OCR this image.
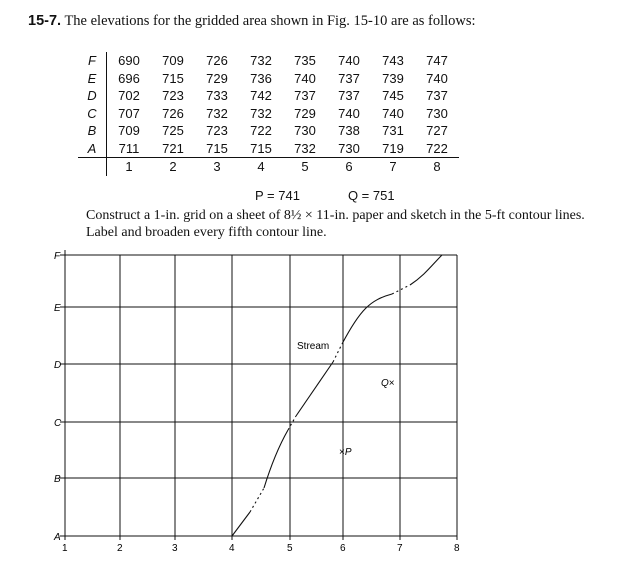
15-7. The elevations for the gridded area shown in Fig. 15-10 are as follows:
F	690	709	726	732	735	740	743	747
E	696	715	729	736	740	737	739	740
D	702	723	733	742	737	737	745	737
C	707	726	732	732	729	740	740	730
B	709	725	723	722	730	738	731	727
A	711	721	715	715	732	730	719	722
	1	2	3	4	5	6	7	8
P = 741	Q = 751
Construct a 1-in. grid on a sheet of 8½ × 11-in. paper and sketch in the 5-ft contour lines. Label and broaden every fifth contour line.
F
E
D
C
B
A
1	2	3	4	5	6	7	8
Stream
×P
Q×
